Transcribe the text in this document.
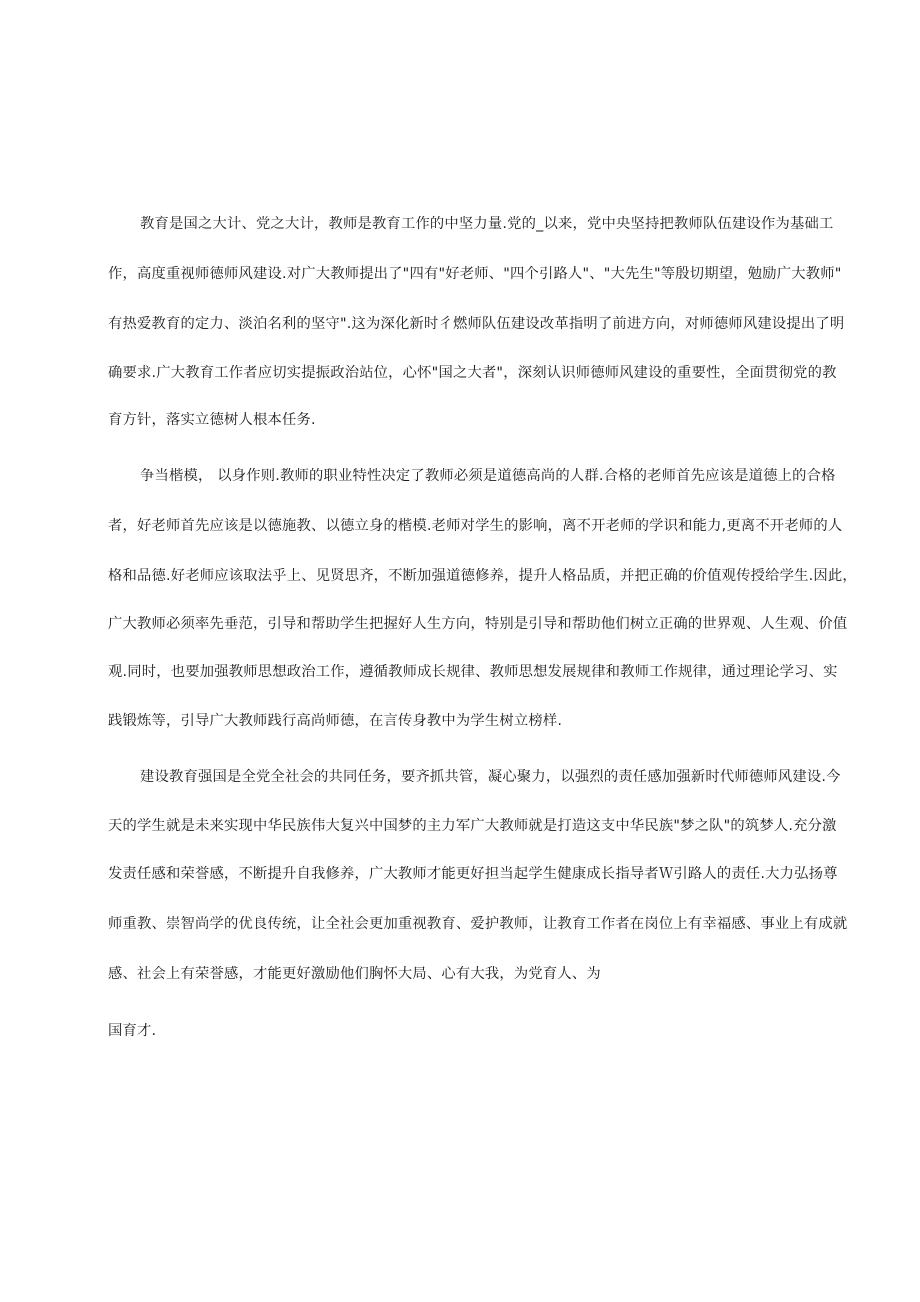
教育是国之大计、党之大计，教师是教育工作的中坚力量.党的_以来，党中央坚持把教师队伍建设作为基础工
作，高度重视师德师风建设.对广大教师提出了"四有"好老师、"四个引路人"、"大先生"等殷切期望，勉励广大教师"
有热爱教育的定力、淡泊名利的坚守".这为深化新时彳燃师队伍建设改革指明了前进方向，对师德师风建设提出了明
确要求.广大教育工作者应切实提振政治站位，心怀"国之大者"，深刻认识师德师风建设的重要性，全面贯彻党的教
育方针，落实立德树人根本任务.
争当楷模， 以身作则.教师的职业特性决定了教师必须是道德高尚的人群.合格的老师首先应该是道德上的合格
者，好老师首先应该是以德施教、以德立身的楷模.老师对学生的影响，离不开老师的学识和能力,更离不开老师的人
格和品德.好老师应该取法乎上、见贤思齐，不断加强道德修养，提升人格品质，并把正确的价值观传授给学生.因此，
广大教师必须率先垂范，引导和帮助学生把握好人生方向，特别是引导和帮助他们树立正确的世界观、人生观、价值
观.同时，也要加强教师思想政治工作，遵循教师成长规律、教师思想发展规律和教师工作规律，通过理论学习、实
践锻炼等，引导广大教师践行高尚师德，在言传身教中为学生树立榜样.
建设教育强国是全党全社会的共同任务，要齐抓共管，凝心聚力，以强烈的责任感加强新时代师德师风建设.今
天的学生就是未来实现中华民族伟大复兴中国梦的主力军广大教师就是打造这支中华民族"梦之队"的筑梦人.充分激
发责任感和荣誉感，不断提升自我修养，广大教师才能更好担当起学生健康成长指导者Ｗ引路人的责任.大力弘扬尊
师重教、崇智尚学的优良传统，让全社会更加重视教育、爱护教师，让教育工作者在岗位上有幸福感、事业上有成就
感、社会上有荣誉感，才能更好激励他们胸怀大局、心有大我，为党育人、为
国育才.
